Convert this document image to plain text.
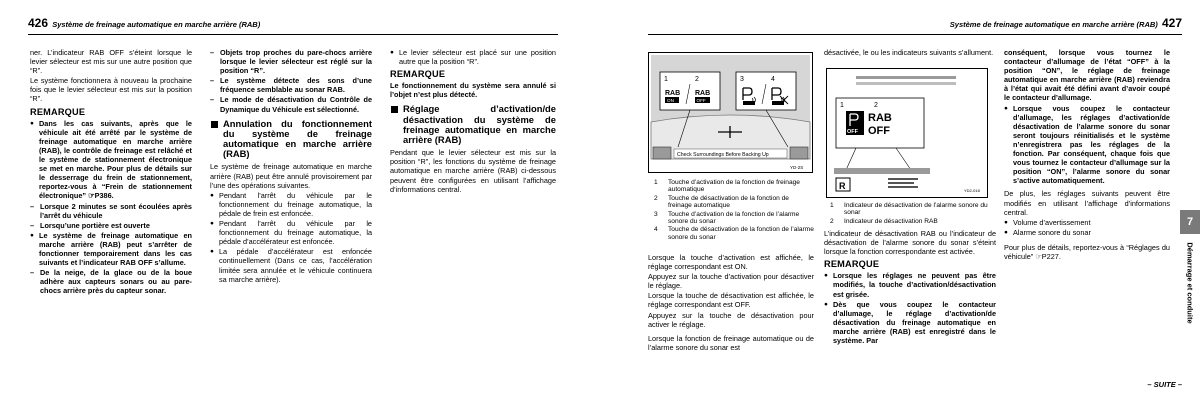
426 Système de freinage automatique en marche arrière (RAB)

ner. L’indicateur RAB OFF s’éteint lorsque le levier sélecteur est mis sur une autre position que “R”.

Le système fonctionnera à nouveau la prochaine fois que le levier sélecteur est mis sur la position “R”.

REMARQUE

● Dans les cas suivants, après que le véhicule ait été arrêté par le système de freinage automatique en marche arrière (RAB), le contrôle de freinage est relâché et le système de stationnement électronique se met en marche. Pour plus de détails sur le desserrage du frein de stationnement, reportez-vous à “Frein de stationnement électronique” ☞P386.

– Lorsque 2 minutes se sont écoulées après l’arrêt du véhicule

– Lorsqu’une portière est ouverte

● Le système de freinage automatique en marche arrière (RAB) peut s’arrêter de fonctionner temporairement dans les cas suivants et l’indicateur RAB OFF s’allume.

– De la neige, de la glace ou de la boue adhère aux capteurs sonars ou au pare-chocs arrière près du capteur sonar.

– Objets trop proches du pare-chocs arrière lorsque le levier sélecteur est réglé sur la position “R”.

– Le système détecte des sons d’une fréquence semblable au sonar RAB.

– Le mode de désactivation du Contrôle de Dynamique du Véhicule est sélectionné.

Annulation du fonctionnement du système de freinage automatique en marche arrière (RAB)

Le système de freinage automatique en marche arrière (RAB) peut être annulé provisoirement par l’une des opérations suivantes.

● Pendant l’arrêt du véhicule par le fonctionnement du freinage automatique, la pédale de frein est enfoncée.

● Pendant l’arrêt du véhicule par le fonctionnement du freinage automatique, la pédale d’accélérateur est enfoncée.

● La pédale d’accélérateur est enfoncée continuellement (Dans ce cas, l’accélération limitée sera annulée et le véhicule continuera sa marche arrière).

● Le levier sélecteur est placé sur une position autre que la position “R”.

REMARQUE

Le fonctionnement du système sera annulé si l’objet n’est plus détecté.

Réglage d’activation/de désactivation du système de freinage automatique en marche arrière (RAB)

Pendant que le levier sélecteur est mis sur la position “R”, les fonctions du système de freinage automatique en marche arrière (RAB) ci-dessous peuvent être configurées en utilisant l’affichage d’informations central.

Système de freinage automatique en marche arrière (RAB) 427
Check Surroundings Before Backing Up
YD-2S
1	2	3	4
RAB
ON
RAB
OFF
1	Touche d’activation de la fonction de freinage automatique
2	Touche de désactivation de la fonction de freinage automatique
3	Touche d’activation de la fonction de l’alarme sonore du sonar
4	Touche de désactivation de la fonction de l’alarme sonore du sonar

Lorsque la touche d’activation est affichée, le réglage correspondant est ON.

Appuyez sur la touche d’activation pour désactiver le réglage.

Lorsque la touche de désactivation est affichée, le réglage correspondant est OFF.

Appuyez sur la touche de désactivation pour activer le réglage.

Lorsque la fonction de freinage automatique ou de l’alarme sonore du sonar est

désactivée, le ou les indicateurs suivants s’allument.

1	2
OFF
RAB
OFF
R	YD2-018
1	Indicateur de désactivation de l’alarme sonore du sonar
2	Indicateur de désactivation RAB

L’indicateur de désactivation RAB ou l’indicateur de désactivation de l’alarme sonore du sonar s’éteint lorsque la fonction correspondante est activée.

REMARQUE

● Lorsque les réglages ne peuvent pas être modifiés, la touche d’activation/désactivation est grisée.

● Dès que vous coupez le contacteur d’allumage, le réglage d’activation/de désactivation du freinage automatique en marche arrière (RAB) est enregistré dans le système. Par

conséquent, lorsque vous tournez le contacteur d’allumage de l’état “OFF” à la position “ON”, le réglage de freinage automatique en marche arrière (RAB) reviendra à l’état qui avait été défini avant d’avoir coupé le contacteur d’allumage.

● Lorsque vous coupez le contacteur d’allumage, les réglages d’activation/de désactivation de l’alarme sonore du sonar seront toujours réinitialisés et le système n’enregistrera pas les réglages de la fonction. Par conséquent, chaque fois que vous tournez le contacteur d’allumage sur la position “ON”, l’alarme sonore du sonar s’active automatiquement.

De plus, les réglages suivants peuvent être modifiés en utilisant l’affichage d’informations central.

● Volume d’avertissement

● Alarme sonore du sonar

Pour plus de détails, reportez-vous à “Réglages du véhicule” ☞P227.

7
Démarrage et conduite
– SUITE –
